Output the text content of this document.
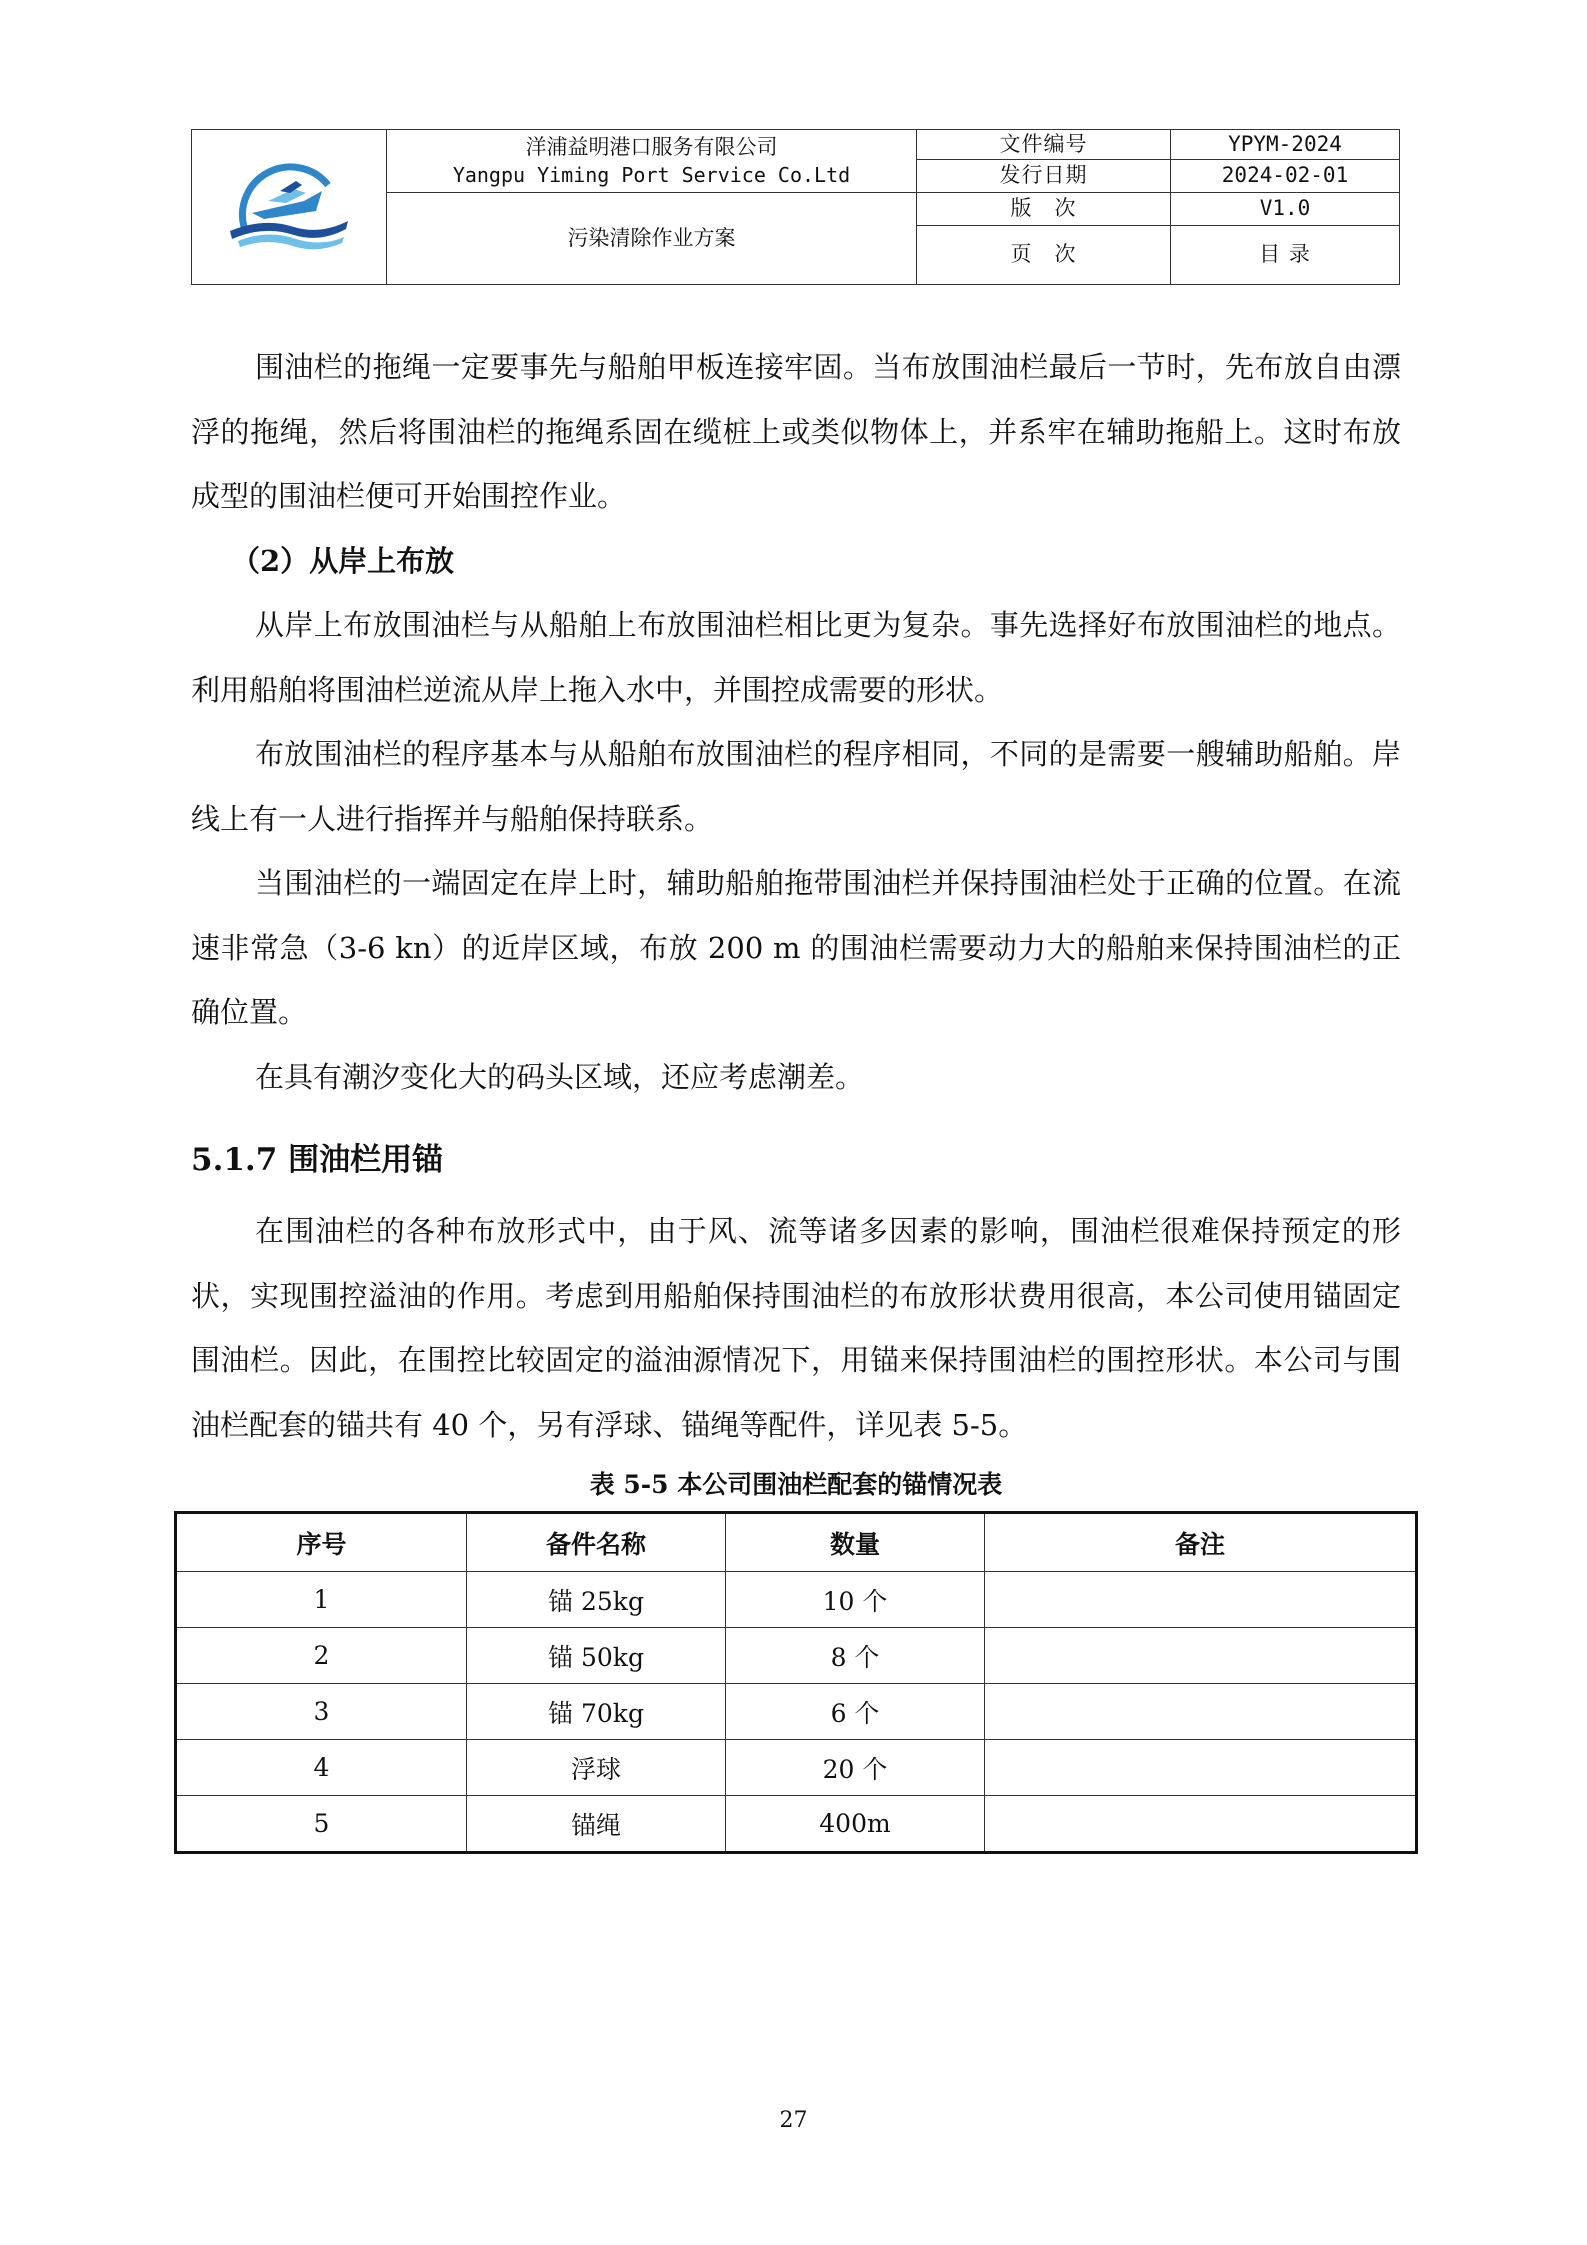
洋浦益明港口服务有限公司
Yangpu Yiming Port Service Co.Ltd	文件编号	YPYM-2024
		发行日期	2024-02-01
	污染清除作业方案	版　次	V1.0
		页　次	目 录

围油栏的拖绳一定要事先与船舶甲板连接牢固。当布放围油栏最后一节时，先布放自由漂浮的拖绳，然后将围油栏的拖绳系固在缆桩上或类似物体上，并系牢在辅助拖船上。这时布放成型的围油栏便可开始围控作业。

（2）从岸上布放

从岸上布放围油栏与从船舶上布放围油栏相比更为复杂。事先选择好布放围油栏的地点。利用船舶将围油栏逆流从岸上拖入水中，并围控成需要的形状。

布放围油栏的程序基本与从船舶布放围油栏的程序相同，不同的是需要一艘辅助船舶。岸线上有一人进行指挥并与船舶保持联系。

当围油栏的一端固定在岸上时，辅助船舶拖带围油栏并保持围油栏处于正确的位置。在流速非常急（3-6 kn）的近岸区域，布放 200 m 的围油栏需要动力大的船舶来保持围油栏的正确位置。

在具有潮汐变化大的码头区域，还应考虑潮差。

5.1.7 围油栏用锚

在围油栏的各种布放形式中，由于风、流等诸多因素的影响，围油栏很难保持预定的形状，实现围控溢油的作用。考虑到用船舶保持围油栏的布放形状费用很高，本公司使用锚固定围油栏。因此，在围控比较固定的溢油源情况下，用锚来保持围油栏的围控形状。本公司与围油栏配套的锚共有 40 个，另有浮球、锚绳等配件，详见表 5-5。

表 5-5 本公司围油栏配套的锚情况表
序号	备件名称	数量	备注
1	锚 25kg	10 个	
2	锚 50kg	8 个	
3	锚 70kg	6 个	
4	浮球	20 个	
5	锚绳	400m	
27
